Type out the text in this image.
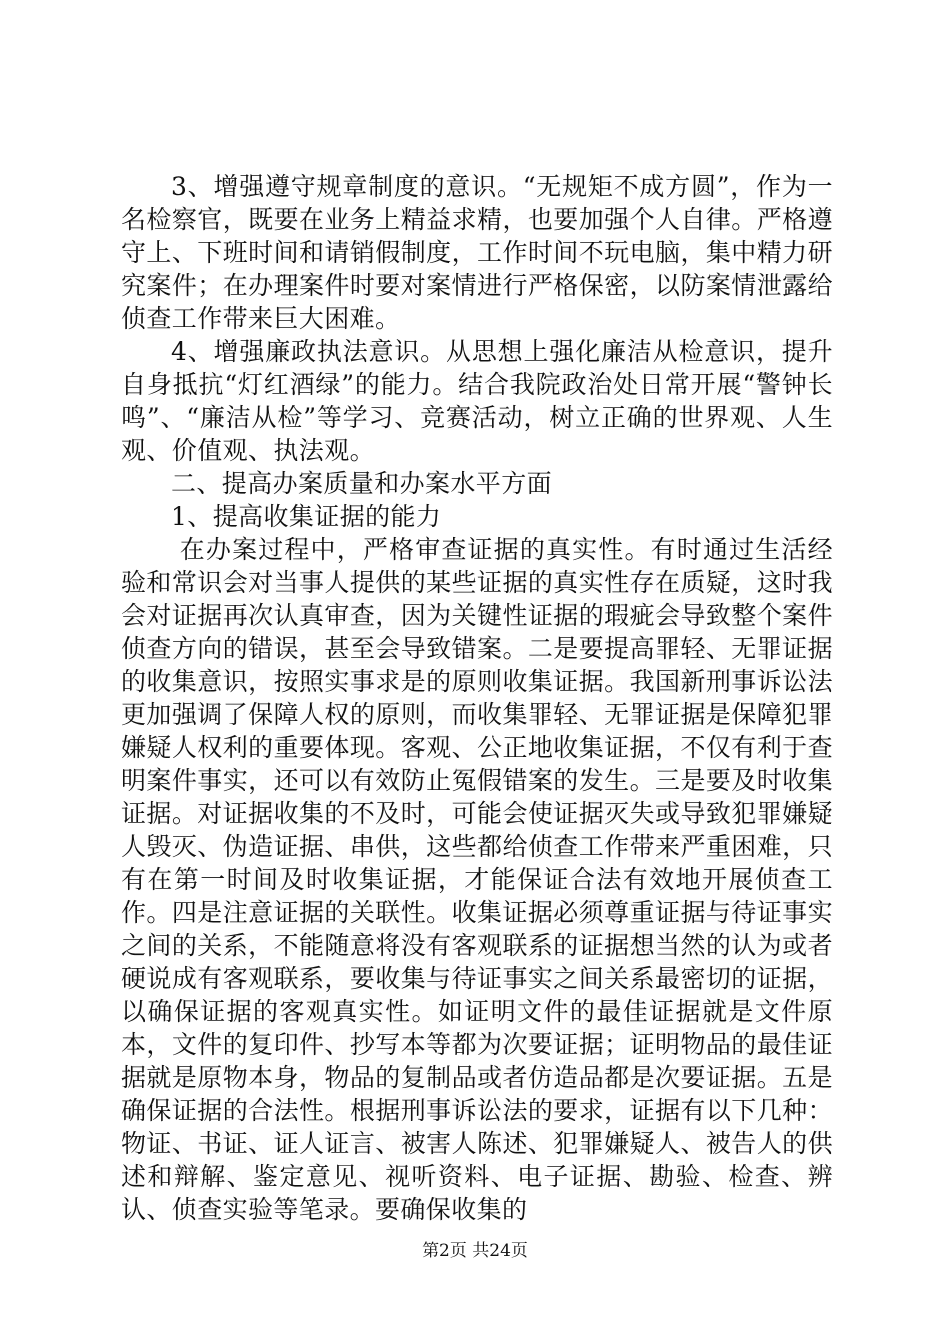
3、增强遵守规章制度的意识。“无规矩不成方圆”，作为一名检察官，既要在业务上精益求精，也要加强个人自律。严格遵守上、下班时间和请销假制度，工作时间不玩电脑，集中精力研究案件；在办理案件时要对案情进行严格保密，以防案情泄露给侦查工作带来巨大困难。

4、增强廉政执法意识。从思想上强化廉洁从检意识，提升自身抵抗“灯红酒绿”的能力。结合我院政治处日常开展“警钟长鸣”、“廉洁从检”等学习、竞赛活动，树立正确的世界观、人生观、价值观、执法观。

二、提高办案质量和办案水平方面

1、提高收集证据的能力

在办案过程中，严格审查证据的真实性。有时通过生活经验和常识会对当事人提供的某些证据的真实性存在质疑，这时我会对证据再次认真审查，因为关键性证据的瑕疵会导致整个案件侦查方向的错误，甚至会导致错案。二是要提高罪轻、无罪证据的收集意识，按照实事求是的原则收集证据。我国新刑事诉讼法更加强调了保障人权的原则，而收集罪轻、无罪证据是保障犯罪嫌疑人权利的重要体现。客观、公正地收集证据，不仅有利于查明案件事实，还可以有效防止冤假错案的发生。三是要及时收集证据。对证据收集的不及时，可能会使证据灭失或导致犯罪嫌疑人毁灭、伪造证据、串供，这些都给侦查工作带来严重困难，只有在第一时间及时收集证据，才能保证合法有效地开展侦查工作。四是注意证据的关联性。收集证据必须尊重证据与待证事实之间的关系，不能随意将没有客观联系的证据想当然的认为或者硬说成有客观联系，要收集与待证事实之间关系最密切的证据，以确保证据的客观真实性。如证明文件的最佳证据就是文件原本，文件的复印件、抄写本等都为次要证据；证明物品的最佳证据就是原物本身，物品的复制品或者仿造品都是次要证据。五是确保证据的合法性。根据刑事诉讼法的要求，证据有以下几种：物证、书证、证人证言、被害人陈述、犯罪嫌疑人、被告人的供述和辩解、鉴定意见、视听资料、电子证据、勘验、检查、辨认、侦查实验等笔录。要确保收集的

第2页 共24页
